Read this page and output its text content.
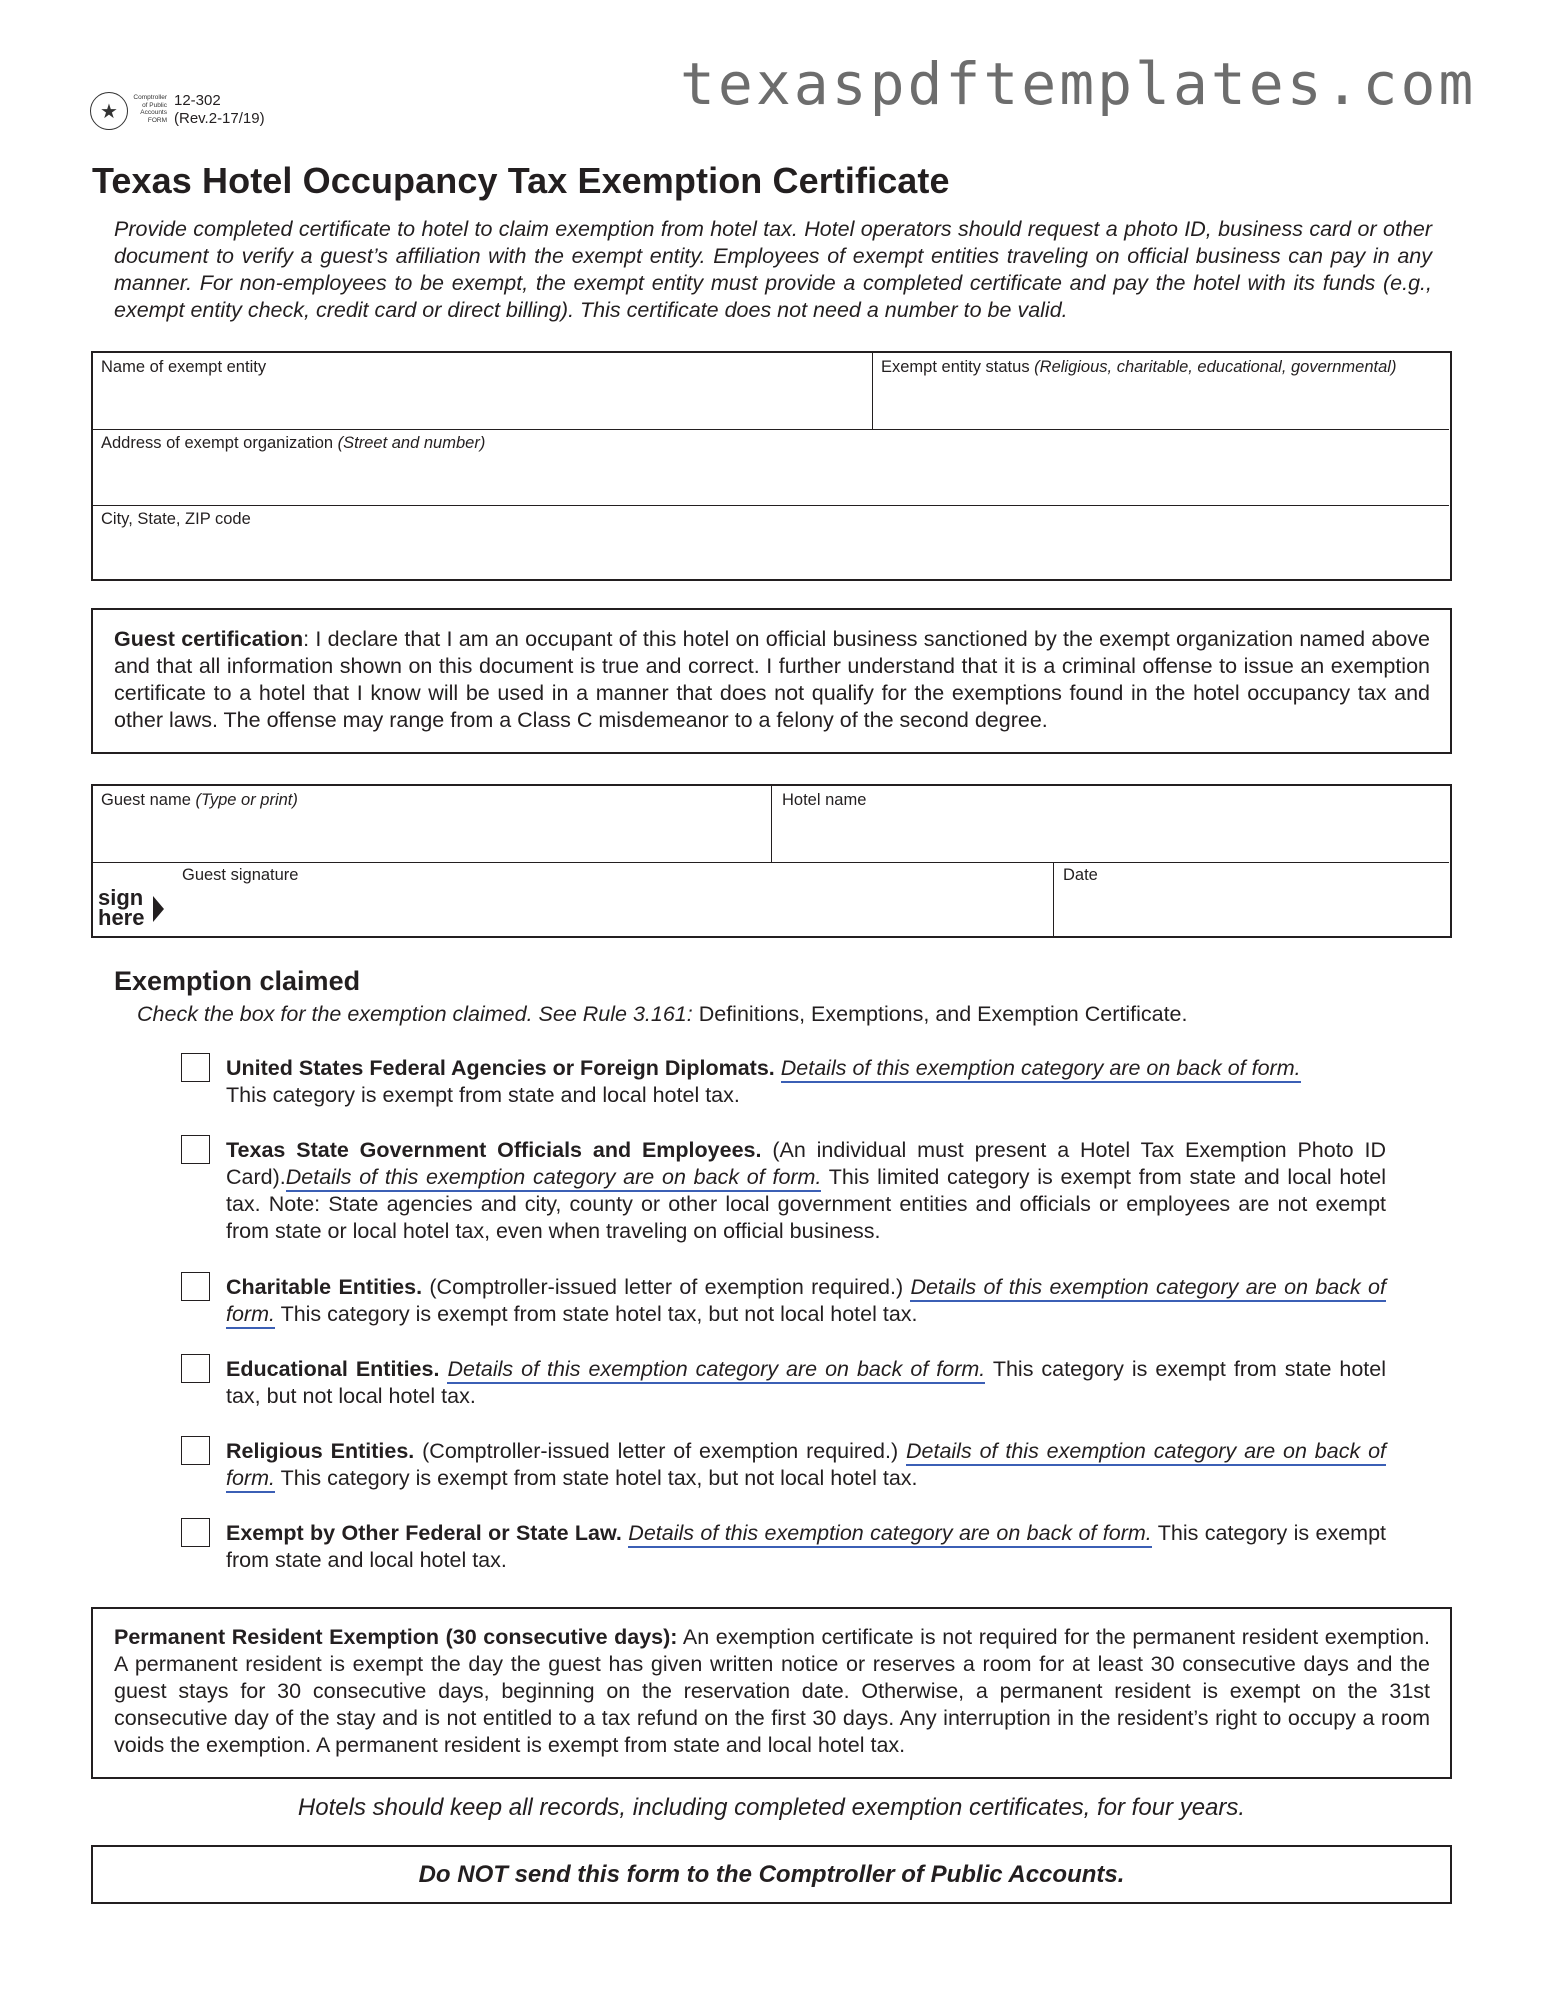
texaspdftemplates.com
★
Comptroller
of Public
Accounts
FORM
12-302
(Rev.2-17/19)
Texas Hotel Occupancy Tax Exemption Certificate
Provide completed certificate to hotel to claim exemption from hotel tax. Hotel operators should request a photo ID, business card or other document to verify a guest’s affiliation with the exempt entity. Employees of exempt entities traveling on official business can pay in any manner. For non-employees to be exempt, the exempt entity must provide a completed certificate and pay the hotel with its funds (e.g., exempt entity check, credit card or direct billing). This certificate does not need a number to be valid.
Name of exempt entity	Exempt entity status (Religious, charitable, educational, governmental)
Address of exempt organization (Street and number)
City, State, ZIP code
Guest certification: I declare that I am an occupant of this hotel on official business sanctioned by the exempt organization named above and that all information shown on this document is true and correct. I further understand that it is a criminal offense to issue an exemption certificate to a hotel that I know will be used in a manner that does not qualify for the exemptions found in the hotel occupancy tax and other laws. The offense may range from a Class C misdemeanor to a felony of the second degree.
Guest name (Type or print)	Hotel name
Guest signature	Date
sign
here
Exemption claimed
Check the box for the exemption claimed. See Rule 3.161: Definitions, Exemptions, and Exemption Certificate.
United States Federal Agencies or Foreign Diplomats. Details of this exemption category are on back of form.
This category is exempt from state and local hotel tax.
Texas State Government Officials and Employees. (An individual must present a Hotel Tax Exemption Photo ID Card).Details of this exemption category are on back of form. This limited category is exempt from state and local hotel tax. Note: State agencies and city, county or other local government entities and officials or employees are not exempt from state or local hotel tax, even when traveling on official business.
Charitable Entities. (Comptroller-issued letter of exemption required.) Details of this exemption category are on back of form. This category is exempt from state hotel tax, but not local hotel tax.
Educational Entities. Details of this exemption category are on back of form. This category is exempt from state hotel tax, but not local hotel tax.
Religious Entities. (Comptroller-issued letter of exemption required.) Details of this exemption category are on back of form. This category is exempt from state hotel tax, but not local hotel tax.
Exempt by Other Federal or State Law. Details of this exemption category are on back of form. This category is exempt from state and local hotel tax.
Permanent Resident Exemption (30 consecutive days): An exemption certificate is not required for the permanent resident exemption. A permanent resident is exempt the day the guest has given written notice or reserves a room for at least 30 consecutive days and the guest stays for 30 consecutive days, beginning on the reservation date. Otherwise, a permanent resident is exempt on the 31st consecutive day of the stay and is not entitled to a tax refund on the first 30 days. Any interruption in the resident’s right to occupy a room voids the exemption. A permanent resident is exempt from state and local hotel tax.
Hotels should keep all records, including completed exemption certificates, for four years.
Do NOT send this form to the Comptroller of Public Accounts.
